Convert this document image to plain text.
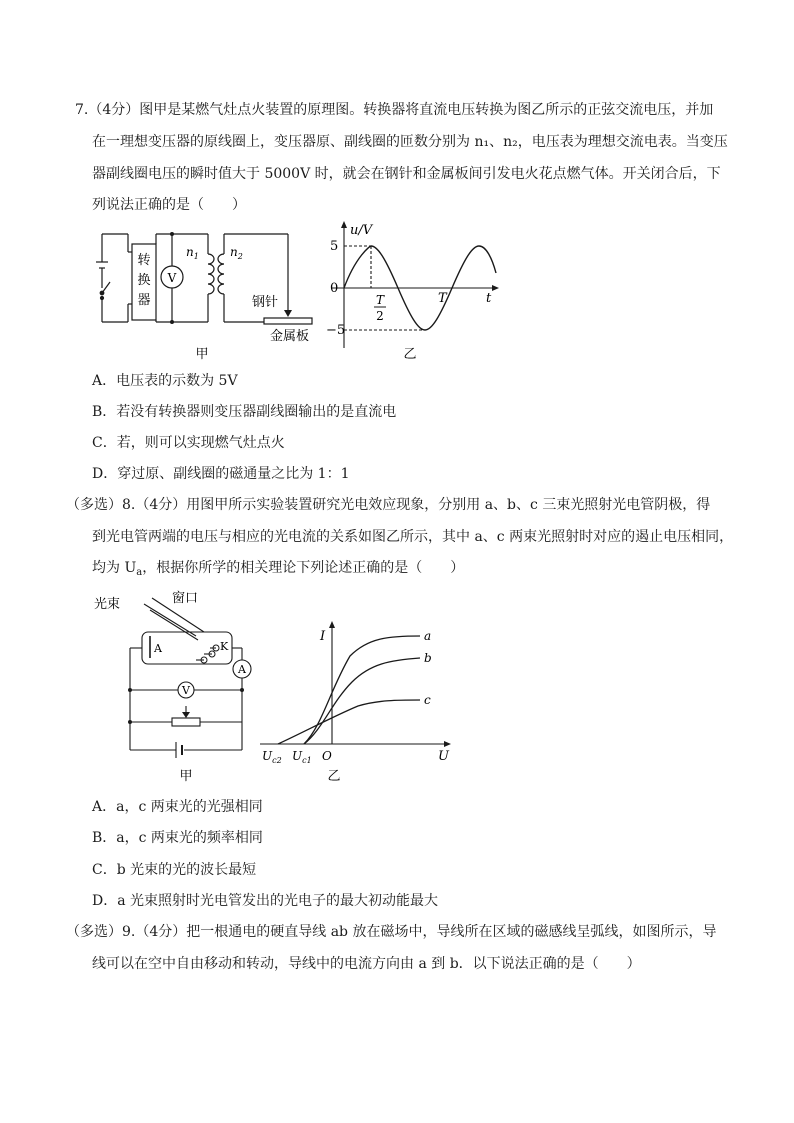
7.（4分）图甲是某燃气灶点火装置的原理图。转换器将直流电压转换为图乙所示的正弦交流电压，并加
在一理想变压器的原线圈上，变压器原、副线圈的匝数分别为 n₁、n₂，电压表为理想交流电表。当变压
器副线圈电压的瞬时值大于 5000V 时，就会在钢针和金属板间引发电火花点燃气体。开关闭合后，下
列说法正确的是（　　）
转
换
器
V
$n_1$	$n_2$
钢针
金属板
甲
u/V
5
0
−5
T
2
T	t
乙
A．电压表的示数为 5V
B．若没有转换器则变压器副线圈输出的是直流电
C．若，则可以实现燃气灶点火
D．穿过原、副线圈的磁通量之比为 1：1
（多选）8.（4分）用图甲所示实验装置研究光电效应现象，分别用 a、b、c 三束光照射光电管阴极，得
到光电管两端的电压与相应的光电流的关系如图乙所示，其中 a、c 两束光照射时对应的遏止电压相同，
均为 $U_a$，根据你所学的相关理论下列论述正确的是（　　）
光束	窗口
A	K
A
V
甲
I
U
O
$U_{c2}$ $U_{c1}$
a
b
c
乙
A．a，c 两束光的光强相同
B．a，c 两束光的频率相同
C．b 光束的光的波长最短
D．a 光束照射时光电管发出的光电子的最大初动能最大
（多选）9.（4分）把一根通电的硬直导线 ab 放在磁场中，导线所在区域的磁感线呈弧线，如图所示，导
线可以在空中自由移动和转动，导线中的电流方向由 a 到 b．以下说法正确的是（　　）
